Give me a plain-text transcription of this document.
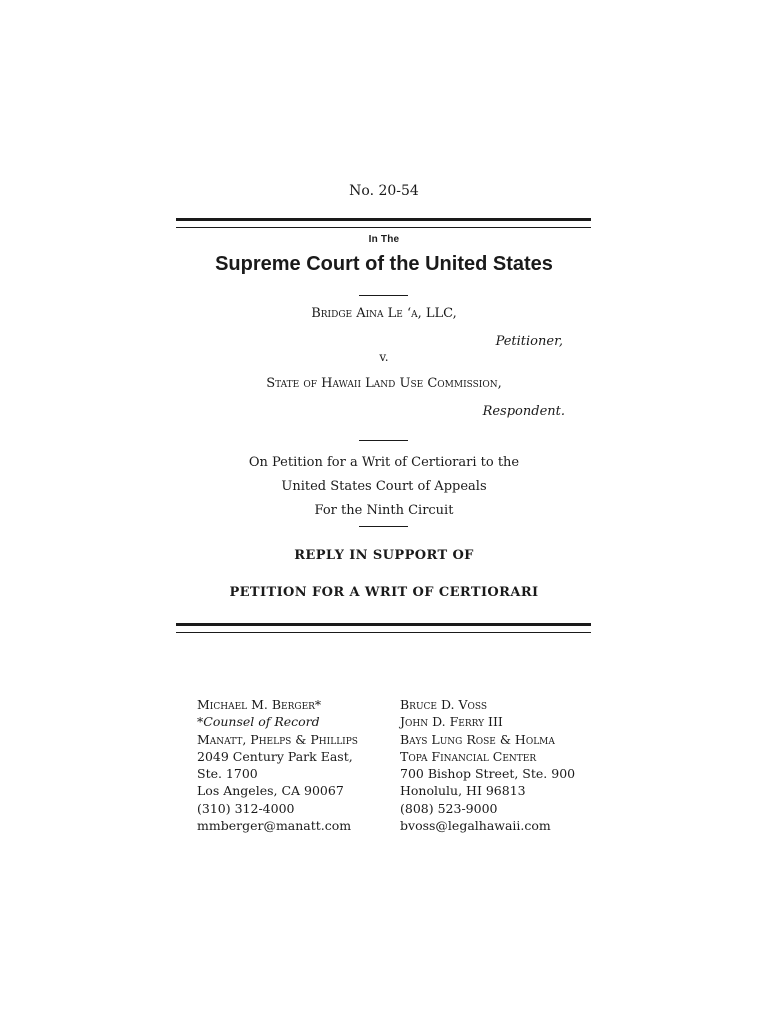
No. 20-54
In The
Supreme Court of the United States
Bridge Aina Le ‘a, LLC,
Petitioner,
v.
State of Hawaii Land Use Commission,
Respondent.
On Petition for a Writ of Certiorari to the
United States Court of Appeals
For the Ninth Circuit
REPLY IN SUPPORT OF
PETITION FOR A WRIT OF CERTIORARI
Michael M. Berger*
*Counsel of Record
Manatt, Phelps & Phillips
2049 Century Park East,
Ste. 1700
Los Angeles, CA 90067
(310) 312-4000
mmberger@manatt.com
Bruce D. Voss
John D. Ferry III
Bays Lung Rose & Holma
Topa Financial Center
700 Bishop Street, Ste. 900
Honolulu, HI 96813
(808) 523-9000
bvoss@legalhawaii.com
